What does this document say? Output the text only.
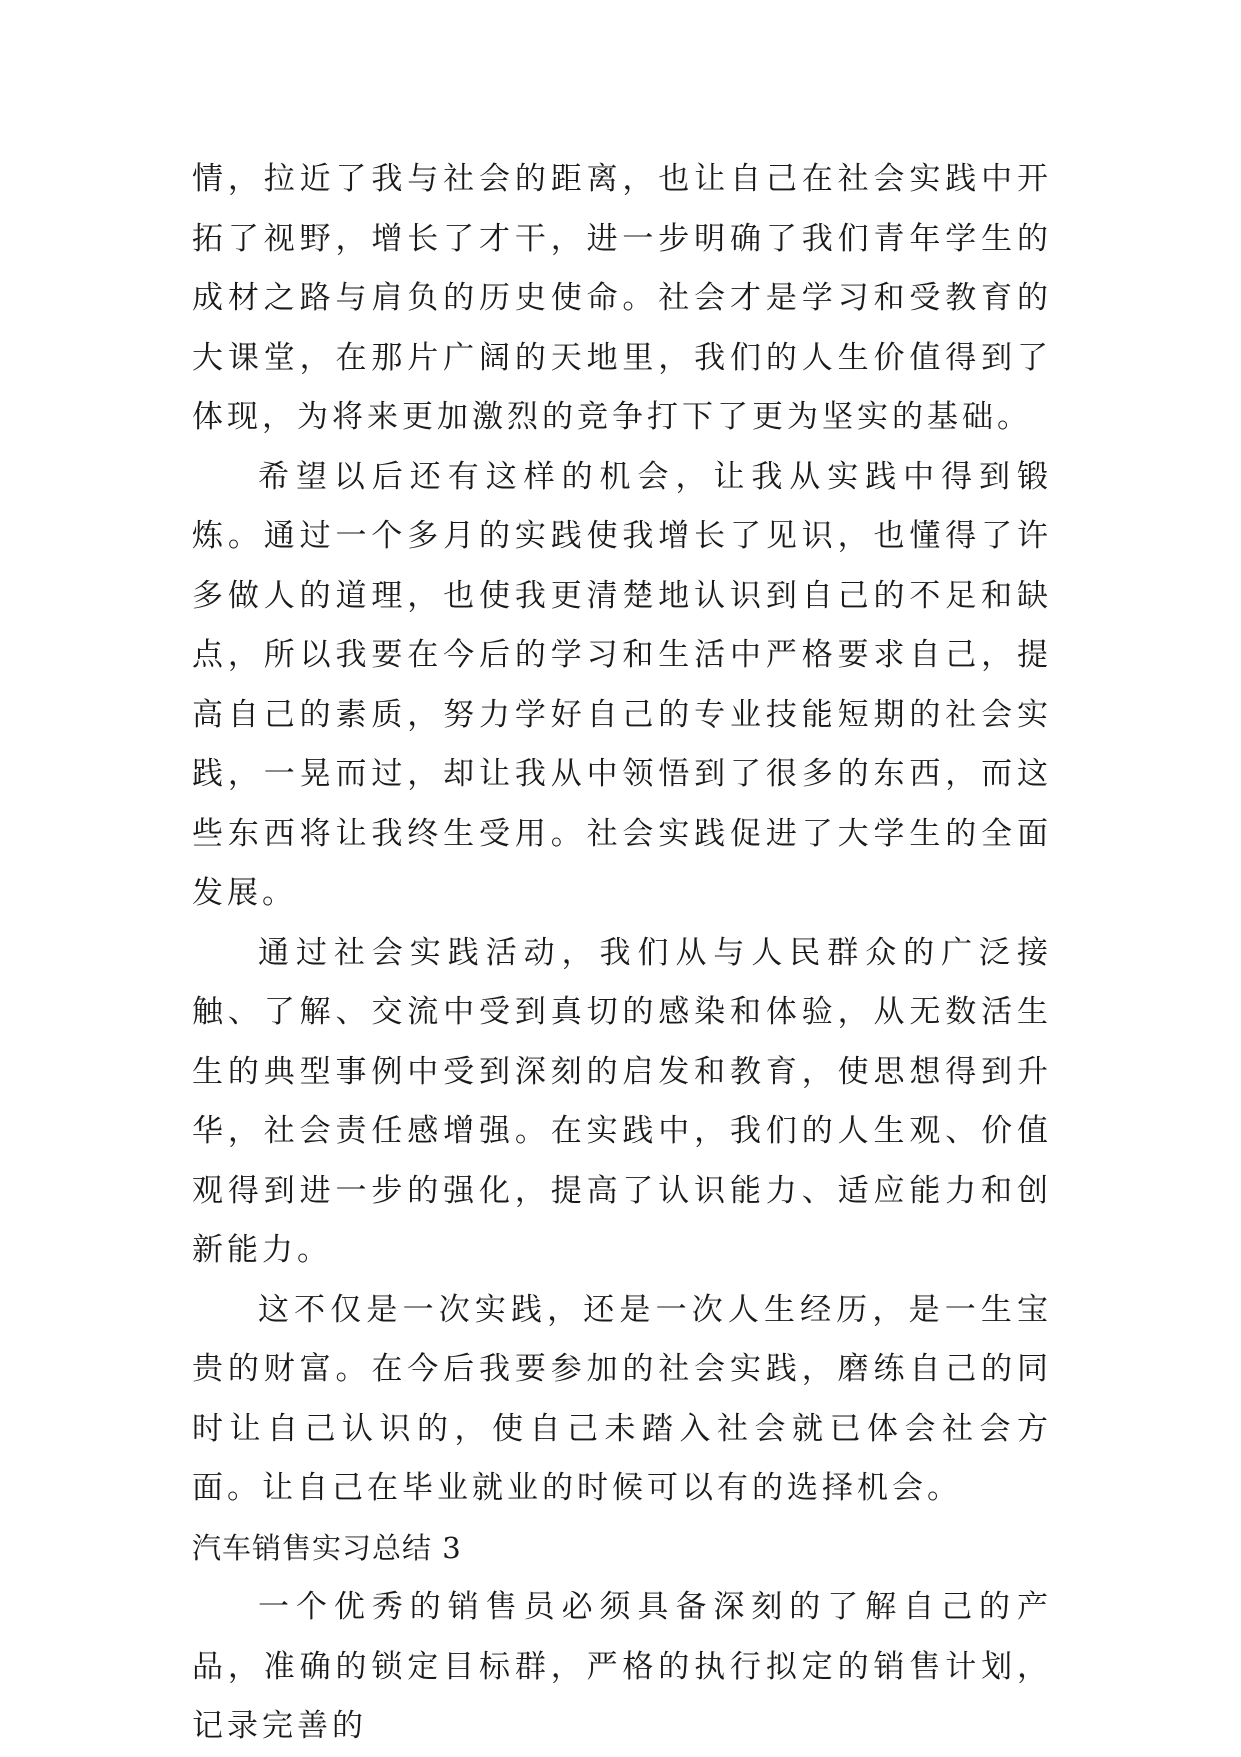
情，拉近了我与社会的距离，也让自己在社会实践中开拓了视野，增长了才干，进一步明确了我们青年学生的成材之路与肩负的历史使命。社会才是学习和受教育的大课堂，在那片广阔的天地里，我们的人生价值得到了体现，为将来更加激烈的竞争打下了更为坚实的基础。

希望以后还有这样的机会，让我从实践中得到锻炼。通过一个多月的实践使我增长了见识，也懂得了许多做人的道理，也使我更清楚地认识到自己的不足和缺点，所以我要在今后的学习和生活中严格要求自己，提高自己的素质，努力学好自己的专业技能短期的社会实践，一晃而过，却让我从中领悟到了很多的东西，而这些东西将让我终生受用。社会实践促进了大学生的全面发展。

通过社会实践活动，我们从与人民群众的广泛接触、了解、交流中受到真切的感染和体验，从无数活生生的典型事例中受到深刻的启发和教育，使思想得到升华，社会责任感增强。在实践中，我们的人生观、价值观得到进一步的强化，提高了认识能力、适应能力和创新能力。

这不仅是一次实践，还是一次人生经历，是一生宝贵的财富。在今后我要参加的社会实践，磨练自己的同时让自己认识的，使自己未踏入社会就已体会社会方面。让自己在毕业就业的时候可以有的选择机会。

汽车销售实习总结 3

一个优秀的销售员必须具备深刻的了解自己的产品，准确的锁定目标群，严格的执行拟定的销售计划，记录完善的
